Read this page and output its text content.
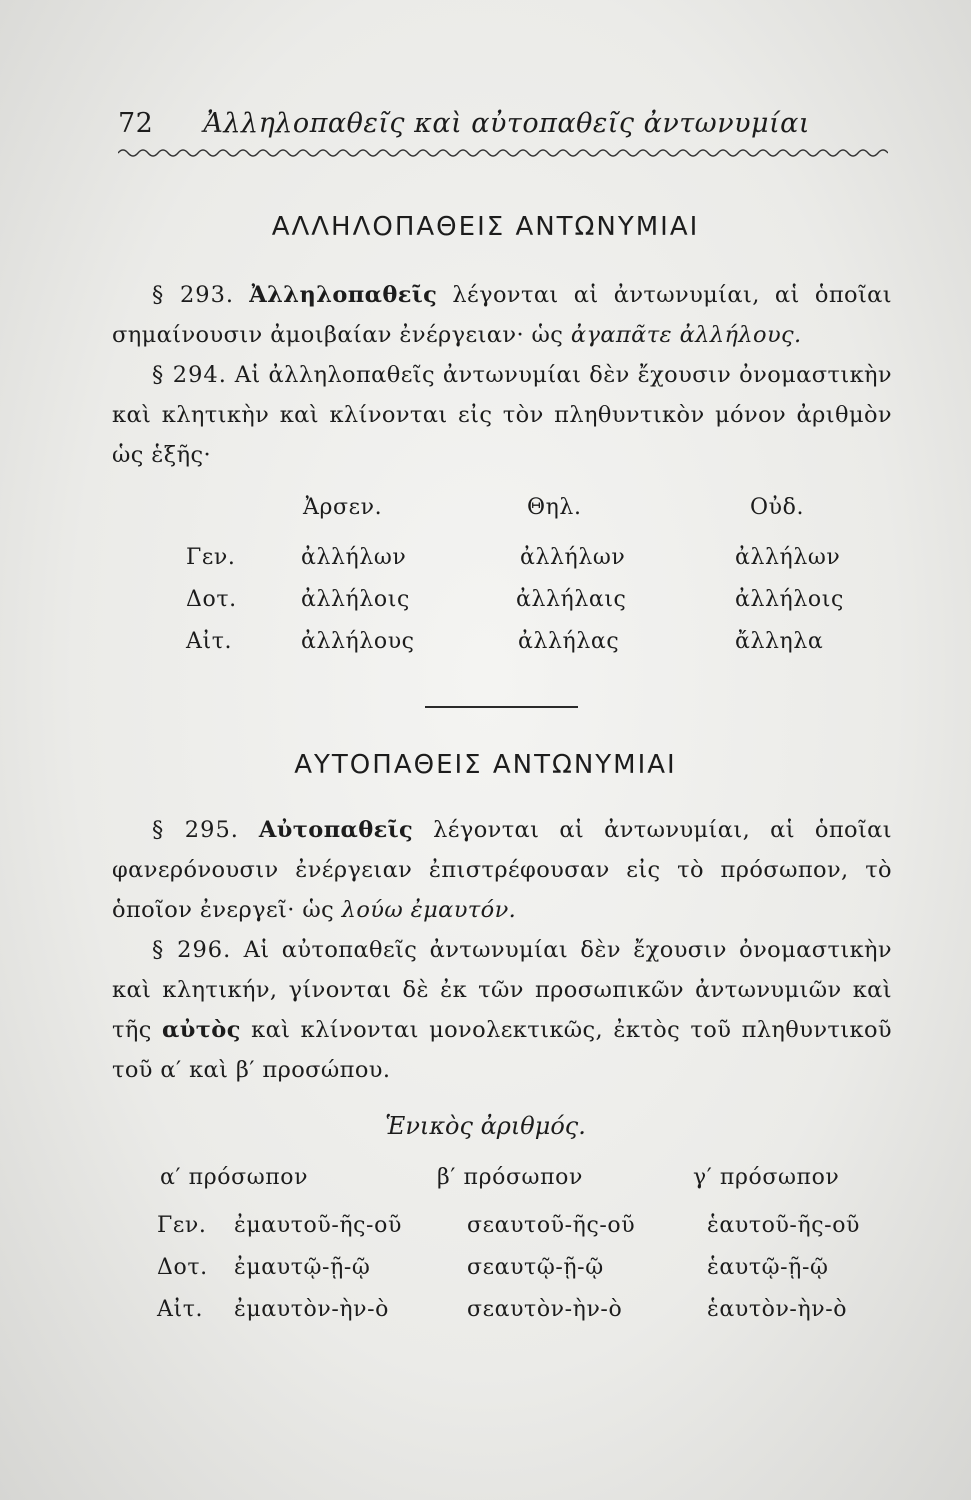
72 Ἀλληλοπαθεῖς καὶ αὐτοπαθεῖς ἀντωνυμίαι
ΑΛΛΗΛΟΠΑΘΕΙΣ ΑΝΤΩΝΥΜΙΑΙ
§ 293. Ἀλληλοπαθεῖς λέγονται αἱ ἀντωνυμίαι, αἱ ὁποῖαι σημαίνουσιν ἀμοιβαίαν ἐνέργειαν· ὡς ἀγαπᾶτε ἀλλήλους.
§ 294. Αἱ ἀλληλοπαθεῖς ἀντωνυμίαι δὲν ἔχουσιν ὀνομαστικὴν καὶ κλητικὴν καὶ κλίνονται εἰς τὸν πληθυντικὸν μόνον ἀριθμὸν ὡς ἑξῆς·
Ἀρσεν.	Θηλ.	Οὐδ.
Γεν.	ἀλλήλων	ἀλλήλων	ἀλλήλων
Δοτ.	ἀλλήλοις	ἀλλήλαις	ἀλλήλοις
Αἰτ.	ἀλλήλους	ἀλλήλας	ἄλληλα
ΑΥΤΟΠΑΘΕΙΣ ΑΝΤΩΝΥΜΙΑΙ
§ 295. Αὐτοπαθεῖς λέγονται αἱ ἀντωνυμίαι, αἱ ὁποῖαι φανερόνουσιν ἐνέργειαν ἐπιστρέφουσαν εἰς τὸ πρόσωπον, τὸ ὁποῖον ἐνεργεῖ· ὡς λούω ἐμαυτόν.
§ 296. Αἱ αὐτοπαθεῖς ἀντωνυμίαι δὲν ἔχουσιν ὀνομαστικὴν καὶ κλητικήν, γίνονται δὲ ἐκ τῶν προσωπικῶν ἀντωνυμιῶν καὶ τῆς αὐτὸς καὶ κλίνονται μονολεκτικῶς, ἐκτὸς τοῦ πληθυντικοῦ τοῦ α′ καὶ β′ προσώπου.
Ἑνικὸς ἀριθμός.
α′ πρόσωπον	β′ πρόσωπον	γ′ πρόσωπον
Γεν. ἐμαυτοῦ-ῆς-οῦ	σεαυτοῦ-ῆς-οῦ	ἑαυτοῦ-ῆς-οῦ
Δοτ. ἐμαυτῷ-ῇ-ῷ	σεαυτῷ-ῇ-ῷ	ἑαυτῷ-ῇ-ῷ
Αἰτ. ἐμαυτὸν-ὴν-ὸ	σεαυτὸν-ὴν-ὸ	ἑαυτὸν-ὴν-ὸ
